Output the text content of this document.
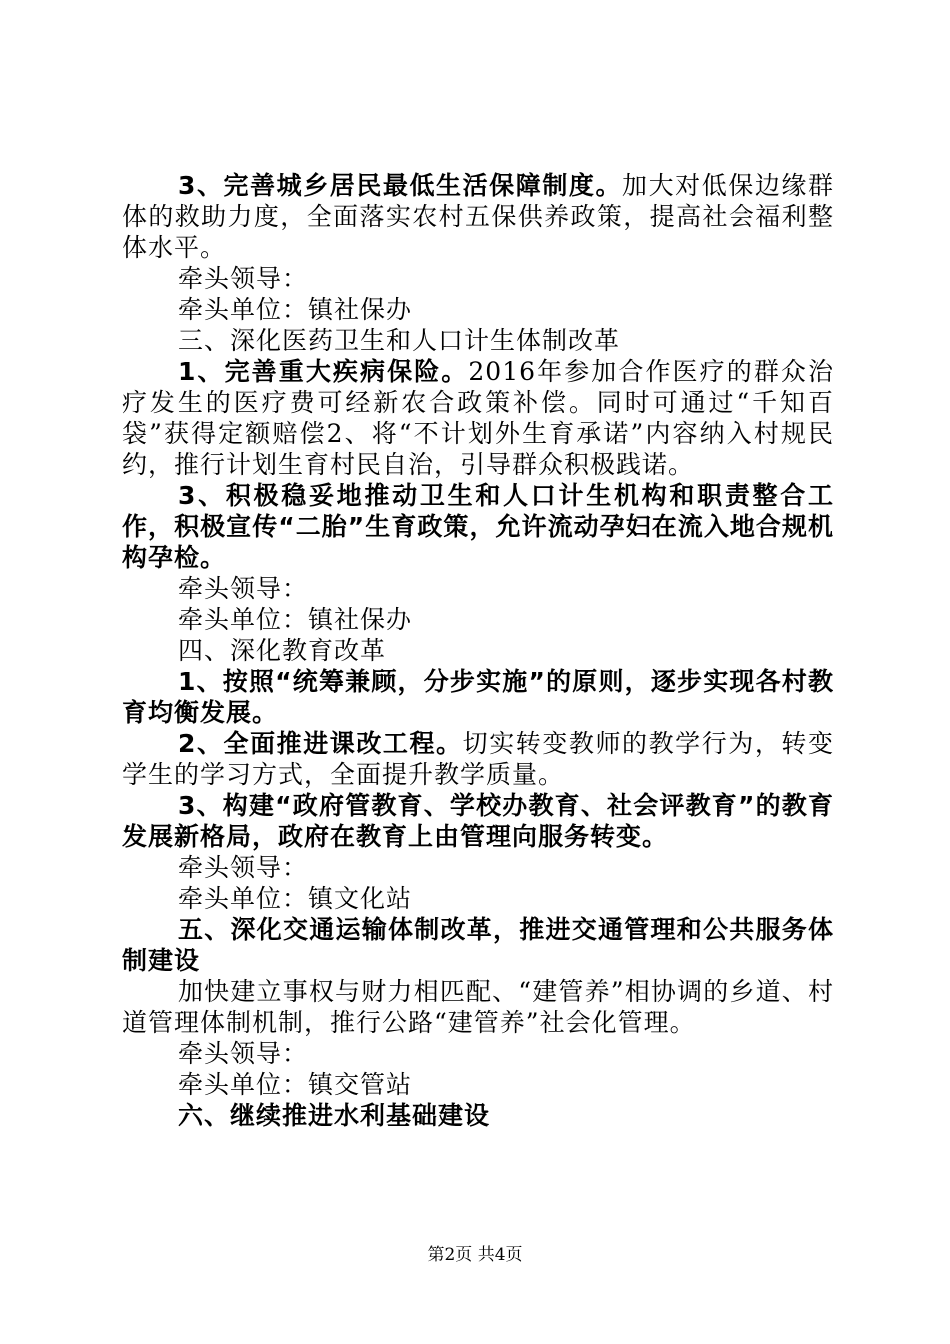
3、完善城乡居民最低生活保障制度。加大对低保边缘群体的救助力度，全面落实农村五保供养政策，提高社会福利整体水平。

牵头领导：

牵头单位：镇社保办

三、深化医药卫生和人口计生体制改革

1、完善重大疾病保险。2016年参加合作医疗的群众治疗发生的医疗费可经新农合政策补偿。同时可通过“千知百袋”获得定额赔偿2、将“不计划外生育承诺”内容纳入村规民约，推行计划生育村民自治，引导群众积极践诺。

3、积极稳妥地推动卫生和人口计生机构和职责整合工作，积极宣传“二胎”生育政策，允许流动孕妇在流入地合规机构孕检。

牵头领导：

牵头单位：镇社保办

四、深化教育改革

1、按照“统筹兼顾，分步实施”的原则，逐步实现各村教育均衡发展。

2、全面推进课改工程。切实转变教师的教学行为，转变学生的学习方式，全面提升教学质量。

3、构建“政府管教育、学校办教育、社会评教育”的教育发展新格局，政府在教育上由管理向服务转变。

牵头领导：

牵头单位：镇文化站

五、深化交通运输体制改革，推进交通管理和公共服务体制建设

加快建立事权与财力相匹配、“建管养”相协调的乡道、村道管理体制机制，推行公路“建管养”社会化管理。

牵头领导：

牵头单位：镇交管站

六、继续推进水利基础建设

第2页 共4页
